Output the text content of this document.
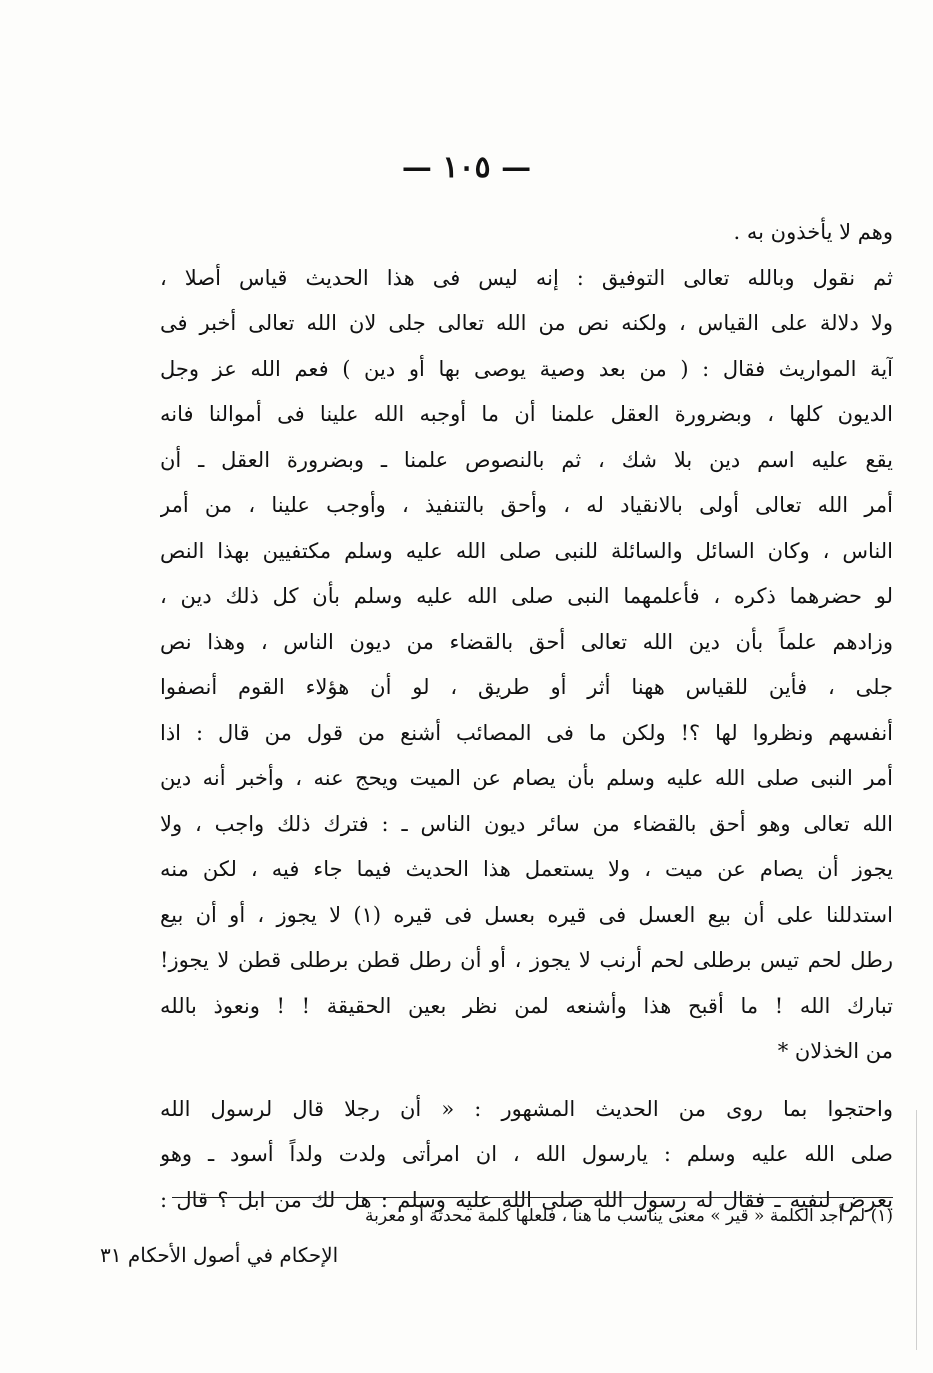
— ١٠٥ —
وهم لا يأخذون به .
ثم نقول وبالله تعالى التوفيق : إنه ليس فى هذا الحديث قياس أصلا ،
ولا دلالة على القياس ، ولكنه نص من الله تعالى جلى لان الله تعالى أخبر فى
آية المواريث فقال : ( من بعد وصية يوصى بها أو دين ) فعم الله عز وجل
الديون كلها ، وبضرورة العقل علمنا أن ما أوجبه الله علينا فى أموالنا فانه
يقع عليه اسم دين بلا شك ، ثم بالنصوص علمنا ـ وبضرورة العقل ـ أن
أمر الله تعالى أولى بالانقياد له ، وأحق بالتنفيذ ، وأوجب علينا ، من أمر
الناس ، وكان السائل والسائلة للنبى صلى الله عليه وسلم مكتفيين بهذا النص
لو حضرهما ذكره ، فأعلمهما النبى صلى الله عليه وسلم بأن كل ذلك دين ،
وزادهم علماً بأن دين الله تعالى أحق بالقضاء من ديون الناس ، وهذا نص
جلى ، فأين للقياس ههنا أثر أو طريق ، لو أن هؤلاء القوم أنصفوا
أنفسهم ونظروا لها ؟! ولكن ما فى المصائب أشنع من قول من قال : اذا
أمر النبى صلى الله عليه وسلم بأن يصام عن الميت ويحج عنه ، وأخبر أنه دين
الله تعالى وهو أحق بالقضاء من سائر ديون الناس ـ : فترك ذلك واجب ، ولا
يجوز أن يصام عن ميت ، ولا يستعمل هذا الحديث فيما جاء فيه ، لكن منه
استدللنا على أن بيع العسل فى قيره بعسل فى قيره (١) لا يجوز ، أو أن بيع
رطل لحم تيس برطلى لحم أرنب لا يجوز ، أو أن رطل قطن برطلى قطن لا يجوز!
تبارك الله ! ما أقبح هذا وأشنعه لمن نظر بعين الحقيقة ! ! ونعوذ بالله
من الخذلان *
واحتجوا بما روى من الحديث المشهور : « أن رجلا قال لرسول الله
صلى الله عليه وسلم : يارسول الله ، ان امرأتى ولدت ولداً أسود ـ وهو
يعرض لنفيه ـ فقال له رسول الله صلى الله عليه وسلم : هل لك من ابل ؟ قال :
(١) لم أجد الكلمة « قير » معنى يناسب ما هنا ، فلعلها كلمة محدثة أو معربة
الإحكام في أصول الأحكام ٣١
